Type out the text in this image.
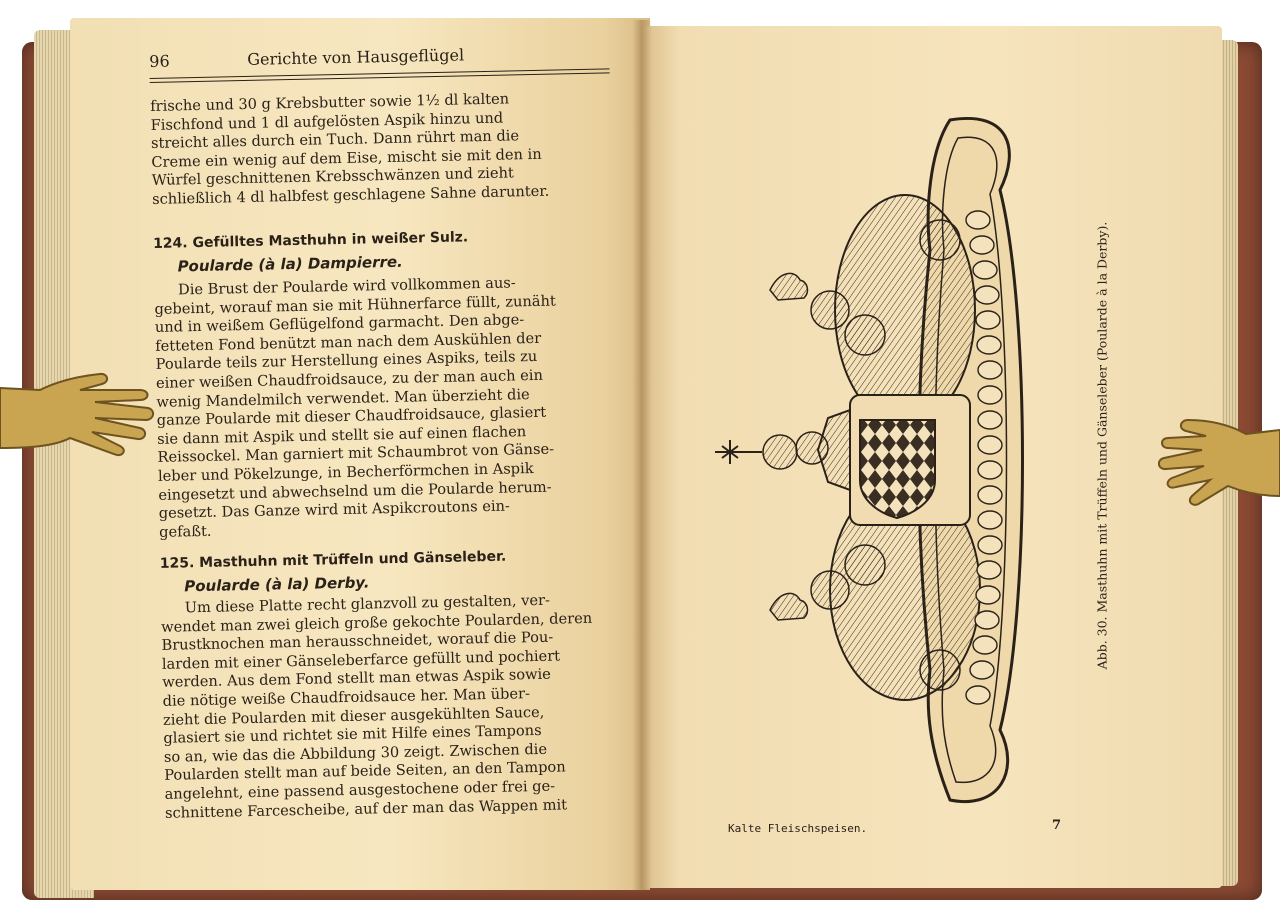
96	Gerichte von Hausgeflügel

frische und 30 g Krebsbutter sowie 1½ dl kalten
Fischfond und 1 dl aufgelösten Aspik hinzu und
streicht alles durch ein Tuch. Dann rührt man die
Creme ein wenig auf dem Eise, mischt sie mit den in
Würfel geschnittenen Krebsschwänzen und zieht
schließlich 4 dl halbfest geschlagene Sahne darunter.

124. Gefülltes Masthuhn in weißer Sulz.
Poularde (à la) Dampierre.

Die Brust der Poularde wird vollkommen aus-
gebeint, worauf man sie mit Hühnerfarce füllt, zunäht
und in weißem Geflügelfond garmacht. Den abge-
fetteten Fond benützt man nach dem Auskühlen der
Poularde teils zur Herstellung eines Aspiks, teils zu
einer weißen Chaudfroidsauce, zu der man auch ein
wenig Mandelmilch verwendet. Man überzieht die
ganze Poularde mit dieser Chaudfroidsauce, glasiert
sie dann mit Aspik und stellt sie auf einen flachen
Reissockel. Man garniert mit Schaumbrot von Gänse-
leber und Pökelzunge, in Becherförmchen in Aspik
eingesetzt und abwechselnd um die Poularde herum-
gesetzt. Das Ganze wird mit Aspikcroutons ein-
gefaßt.

125. Masthuhn mit Trüffeln und Gänseleber.
Poularde (à la) Derby.

Um diese Platte recht glanzvoll zu gestalten, ver-
wendet man zwei gleich große gekochte Poularden, deren
Brustknochen man herausschneidet, worauf die Pou-
larden mit einer Gänseleberfarce gefüllt und pochiert
werden. Aus dem Fond stellt man etwas Aspik sowie
die nötige weiße Chaudfroidsauce her. Man über-
zieht die Poularden mit dieser ausgekühlten Sauce,
glasiert sie und richtet sie mit Hilfe eines Tampons
so an, wie das die Abbildung 30 zeigt. Zwischen die
Poularden stellt man auf beide Seiten, an den Tampon
angelehnt, eine passend ausgestochene oder frei ge-
schnittene Farcescheibe, auf der man das Wappen mit

Abb. 30. Masthuhn mit Trüffeln und Gänseleber (Poularde à la Derby).
Kalte Fleischspeisen.	7
